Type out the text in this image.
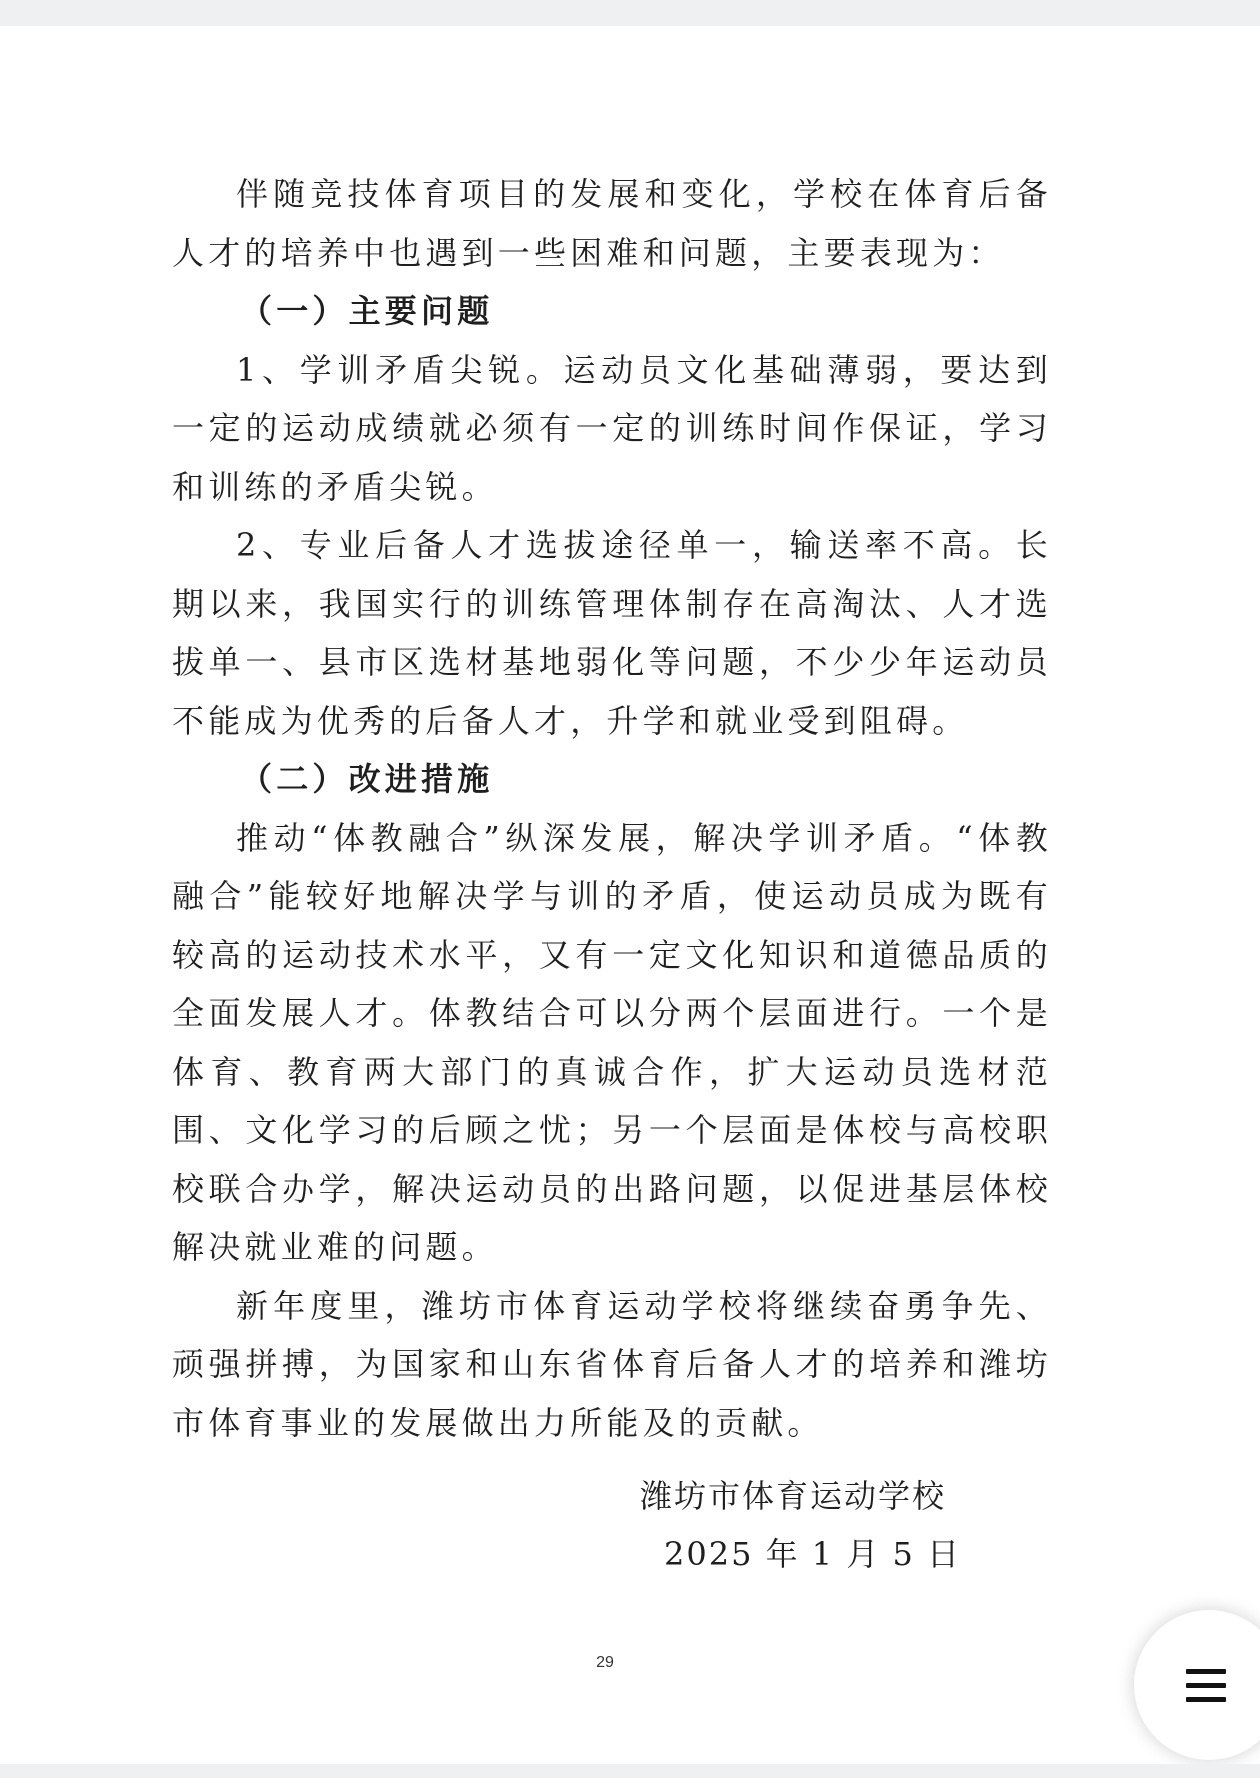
伴随竞技体育项目的发展和变化，学校在体育后备人才的培养中也遇到一些困难和问题，主要表现为：

（一）主要问题

1、学训矛盾尖锐。运动员文化基础薄弱，要达到一定的运动成绩就必须有一定的训练时间作保证，学习和训练的矛盾尖锐。

2、专业后备人才选拔途径单一，输送率不高。长期以来，我国实行的训练管理体制存在高淘汰、人才选拔单一、县市区选材基地弱化等问题，不少少年运动员不能成为优秀的后备人才，升学和就业受到阻碍。

（二）改进措施

推动“体教融合”纵深发展，解决学训矛盾。“体教融合”能较好地解决学与训的矛盾，使运动员成为既有较高的运动技术水平，又有一定文化知识和道德品质的全面发展人才。体教结合可以分两个层面进行。一个是体育、教育两大部门的真诚合作，扩大运动员选材范围、文化学习的后顾之忧；另一个层面是体校与高校职校联合办学，解决运动员的出路问题，以促进基层体校解决就业难的问题。

新年度里，潍坊市体育运动学校将继续奋勇争先、顽强拼搏，为国家和山东省体育后备人才的培养和潍坊市体育事业的发展做出力所能及的贡献。

潍坊市体育运动学校
2025 年 1 月 5 日
29
